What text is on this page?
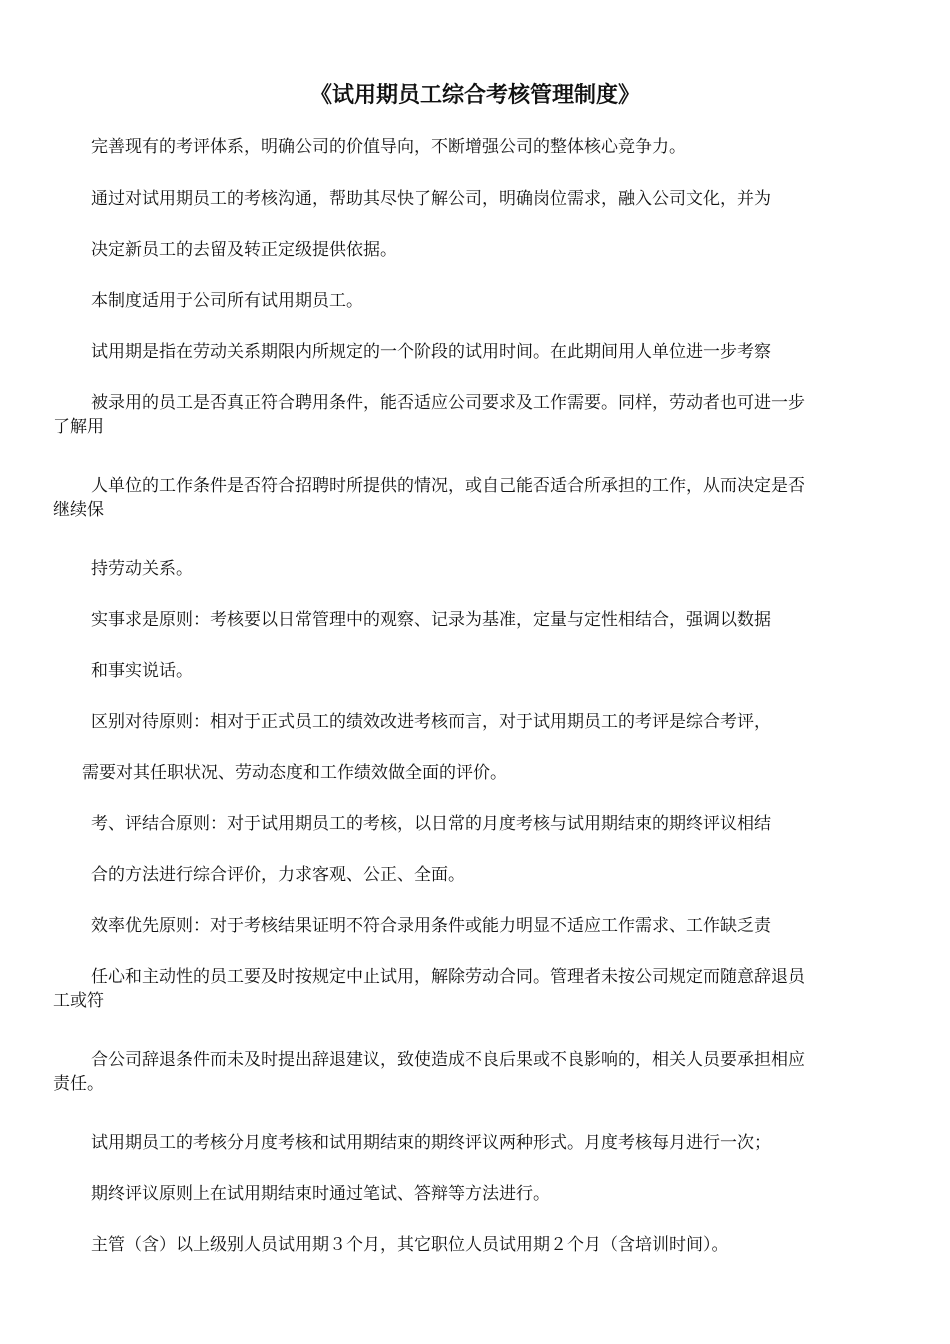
《试用期员工综合考核管理制度》
完善现有的考评体系，明确公司的价值导向，不断增强公司的整体核心竞争力。
通过对试用期员工的考核沟通，帮助其尽快了解公司，明确岗位需求，融入公司文化，并为
决定新员工的去留及转正定级提供依据。
本制度适用于公司所有试用期员工。
试用期是指在劳动关系期限内所规定的一个阶段的试用时间。在此期间用人单位进一步考察
被录用的员工是否真正符合聘用条件，能否适应公司要求及工作需要。同样，劳动者也可进一步
了解用
人单位的工作条件是否符合招聘时所提供的情况，或自己能否适合所承担的工作，从而决定是否
继续保
持劳动关系。
实事求是原则：考核要以日常管理中的观察、记录为基准，定量与定性相结合，强调以数据
和事实说话。
区别对待原则：相对于正式员工的绩效改进考核而言，对于试用期员工的考评是综合考评，
需要对其任职状况、劳动态度和工作绩效做全面的评价。
考、评结合原则：对于试用期员工的考核，以日常的月度考核与试用期结束的期终评议相结
合的方法进行综合评价，力求客观、公正、全面。
效率优先原则：对于考核结果证明不符合录用条件或能力明显不适应工作需求、工作缺乏责
任心和主动性的员工要及时按规定中止试用，解除劳动合同。管理者未按公司规定而随意辞退员
工或符
合公司辞退条件而未及时提出辞退建议，致使造成不良后果或不良影响的，相关人员要承担相应
责任。
试用期员工的考核分月度考核和试用期结束的期终评议两种形式。月度考核每月进行一次；
期终评议原则上在试用期结束时通过笔试、答辩等方法进行。
主管（含）以上级别人员试用期３个月，其它职位人员试用期２个月（含培训时间）。
